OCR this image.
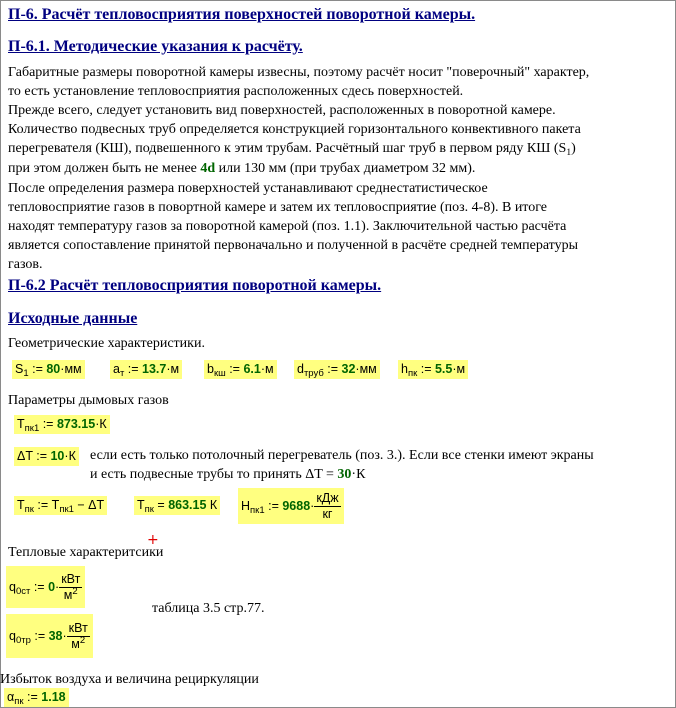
П-6. Расчёт тепловосприятия поверхностей поворотной камеры.
П-6.1. Методические указания к расчёту.
Габаритные размеры поворотной камеры извесны, поэтому расчёт носит "поверочный" характер,
то есть установление тепловосприятия расположенных сдесь поверхностей.
Прежде всего, следует установить вид поверхностей, расположенных в поворотной камере.
Количество подвесных труб определяется конструкцией горизонтального конвективного пакета
перегревателя (КШ), подвешенного к этим трубам. Расчётный шаг труб в первом ряду КШ $(S_1)$
при этом должен быть не менее 4d или 130 мм (при трубах диаметром 32 мм).
После определения размера поверхностей устанавливают среднестатистическое
тепловосприятие газов в повортной камере и затем их тепловосприятие (поз. 4-8). В итоге
находят температуру газов за поворотной камерой (поз. 1.1). Заключительной частью расчёта
является сопоставление принятой первоначально и полученной в расчёте средней температуры
газов.
П-6.2 Расчёт тепловосприятия поворотной камеры.
Исходные данные
Геометрические характеристики.
$S_1$ := 80·мм	$a_т$ := 13.7·м $b_{кш}$ := 6.1·м $d_{труб}$ := 32·мм $h_{пк}$ := 5.5·м
Параметры дымовых газов
$T_{пк1}$ := 873.15·К
ΔT := 10·К если есть только потолочный перегреватель (поз. 3.). Если все стенки имеют экраны
и есть подвесные трубы то принять ΔT = 30·К
$T_{пк}$ := $T_{пк1} - \Delta T$	$T_{пк} = 863.15$ К $H_{пк1}$ := $9688\cdot \frac{\text{кДж}}{кг}$
+
Тепловые характеритсики
$q_{0ст}$ := $0\cdot \frac{\text{кВт}}{м^2}$
таблица 3.5 стр.77.
$q_{0тр}$ := $38\cdot \frac{\text{кВт}}{м^2}$
Избыток воздуха и величина рециркуляции
$\alpha_{пк}$ := 1.18
